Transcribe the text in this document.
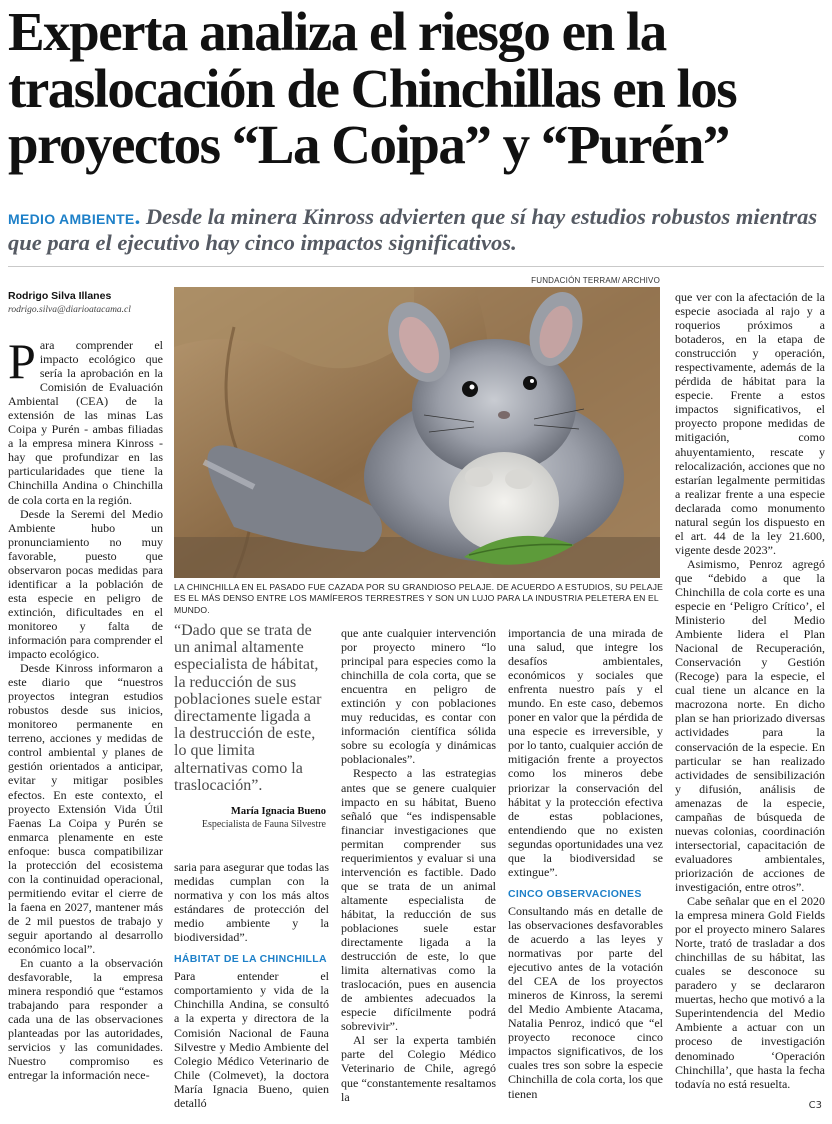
Experta analiza el riesgo en la
traslocación de Chinchillas en los
proyectos “La Coipa” y “Purén”
MEDIO AMBIENTE. Desde la minera Kinross advierten que sí hay estudios robustos mientras que para el ejecutivo hay cinco impactos significativos.
Rodrigo Silva Illanes
rodrigo.silva@diarioatacama.cl
FUNDACIÓN TERRAM/ ARCHIVO
LA CHINCHILLA EN EL PASADO FUE CAZADA POR SU GRANDIOSO PELAJE. DE ACUERDO A ESTUDIOS, SU PELAJE ES EL MÁS DENSO ENTRE LOS MAMÍFEROS TERRESTRES Y SON UN LUJO PARA LA INDUSTRIA PELETERA EN EL MUNDO.

Para comprender el impacto ecológico que sería la aprobación en la Comisión de Evaluación Ambiental (CEA) de la extensión de las minas Las Coipa y Purén - ambas filiadas a la empresa minera Kinross - hay que profundizar en las particularidades que tiene la Chinchilla Andina o Chinchilla de cola corta en la región.

Desde la Seremi del Medio Ambiente hubo un pronunciamiento no muy favorable, puesto que observaron pocas medidas para identificar a la población de esta especie en peligro de extinción, dificultades en el monitoreo y falta de información para comprender el impacto ecológico.

Desde Kinross informaron a este diario que “nuestros proyectos integran estudios robustos desde sus inicios, monitoreo permanente en terreno, acciones y medidas de control ambiental y planes de gestión orientados a anticipar, evitar y mitigar posibles efectos. En este contexto, el proyecto Extensión Vida Útil Faenas La Coipa y Purén se enmarca plenamente en este enfoque: busca compatibilizar la protección del ecosistema con la continuidad operacional, permitiendo evitar el cierre de la faena en 2027, mantener más de 2 mil puestos de trabajo y seguir aportando al desarrollo económico local”.

En cuanto a la observación desfavorable, la empresa minera respondió que “estamos trabajando para responder a cada una de las observaciones planteadas por las autoridades, servicios y las comunidades. Nuestro compromiso es entregar la información nece-

“Dado que se trata de un animal altamente especialista de hábitat, la reducción de sus poblaciones suele estar directamente ligada a la destrucción de este, lo que limita alternativas como la traslocación”.
María Ignacia Bueno
Especialista de Fauna Silvestre

saria para asegurar que todas las medidas cumplan con la normativa y con los más altos estándares de protección del medio ambiente y la biodiversidad”.

HÁBITAT DE LA CHINCHILLA

Para entender el comportamiento y vida de la Chinchilla Andina, se consultó a la experta y directora de la Comisión Nacional de Fauna Silvestre y Medio Ambiente del Colegio Médico Veterinario de Chile (Colmevet), la doctora María Ignacia Bueno, quien detalló

que ante cualquier intervención por proyecto minero “lo principal para especies como la chinchilla de cola corta, que se encuentra en peligro de extinción y con poblaciones muy reducidas, es contar con información científica sólida sobre su ecología y dinámicas poblacionales”.

Respecto a las estrategias antes que se genere cualquier impacto en su hábitat, Bueno señaló que “es indispensable financiar investigaciones que permitan comprender sus requerimientos y evaluar si una intervención es factible. Dado que se trata de un animal altamente especialista de hábitat, la reducción de sus poblaciones suele estar directamente ligada a la destrucción de este, lo que limita alternativas como la traslocación, pues en ausencia de ambientes adecuados la especie difícilmente podrá sobrevivir”.

Al ser la experta también parte del Colegio Médico Veterinario de Chile, agregó que “constantemente resaltamos la

importancia de una mirada de una salud, que integre los desafíos ambientales, económicos y sociales que enfrenta nuestro país y el mundo. En este caso, debemos poner en valor que la pérdida de una especie es irreversible, y por lo tanto, cualquier acción de mitigación frente a proyectos como los mineros debe priorizar la conservación del hábitat y la protección efectiva de estas poblaciones, entendiendo que no existen segundas oportunidades una vez que la biodiversidad se extingue”.

CINCO OBSERVACIONES

Consultando más en detalle de las observaciones desfavorables de acuerdo a las leyes y normativas por parte del ejecutivo antes de la votación del CEA de los proyectos mineros de Kinross, la seremi del Medio Ambiente Atacama, Natalia Penroz, indicó que “el proyecto reconoce cinco impactos significativos, de los cuales tres son sobre la especie Chinchilla de cola corta, los que tienen

que ver con la afectación de la especie asociada al rajo y a roquerios próximos a botaderos, en la etapa de construcción y operación, respectivamente, además de la pérdida de hábitat para la especie. Frente a estos impactos significativos, el proyecto propone medidas de mitigación, como ahuyentamiento, rescate y relocalización, acciones que no estarían legalmente permitidas a realizar frente a una especie declarada como monumento natural según los dispuesto en el art. 44 de la ley 21.600, vigente desde 2023”.

Asimismo, Penroz agregó que “debido a que la Chinchilla de cola corte es una especie en ‘Peligro Crítico’, el Ministerio del Medio Ambiente lidera el Plan Nacional de Recuperación, Conservación y Gestión (Recoge) para la especie, el cual tiene un alcance en la macrozona norte. En dicho plan se han priorizado diversas actividades para la conservación de la especie. En particular se han realizado actividades de sensibilización y difusión, análisis de amenazas de la especie, campañas de búsqueda de nuevas colonias, coordinación intersectorial, capacitación de evaluadores ambientales, priorización de acciones de investigación, entre otros”.

Cabe señalar que en el 2020 la empresa minera Gold Fields por el proyecto minero Salares Norte, trató de trasladar a dos chinchillas de su hábitat, las cuales se desconoce su paradero y se declararon muertas, hecho que motivó a la Superintendencia del Medio Ambiente a actuar con un proceso de investigación denominado ‘Operación Chinchilla’, que hasta la fecha todavía no está resuelta.

C3
